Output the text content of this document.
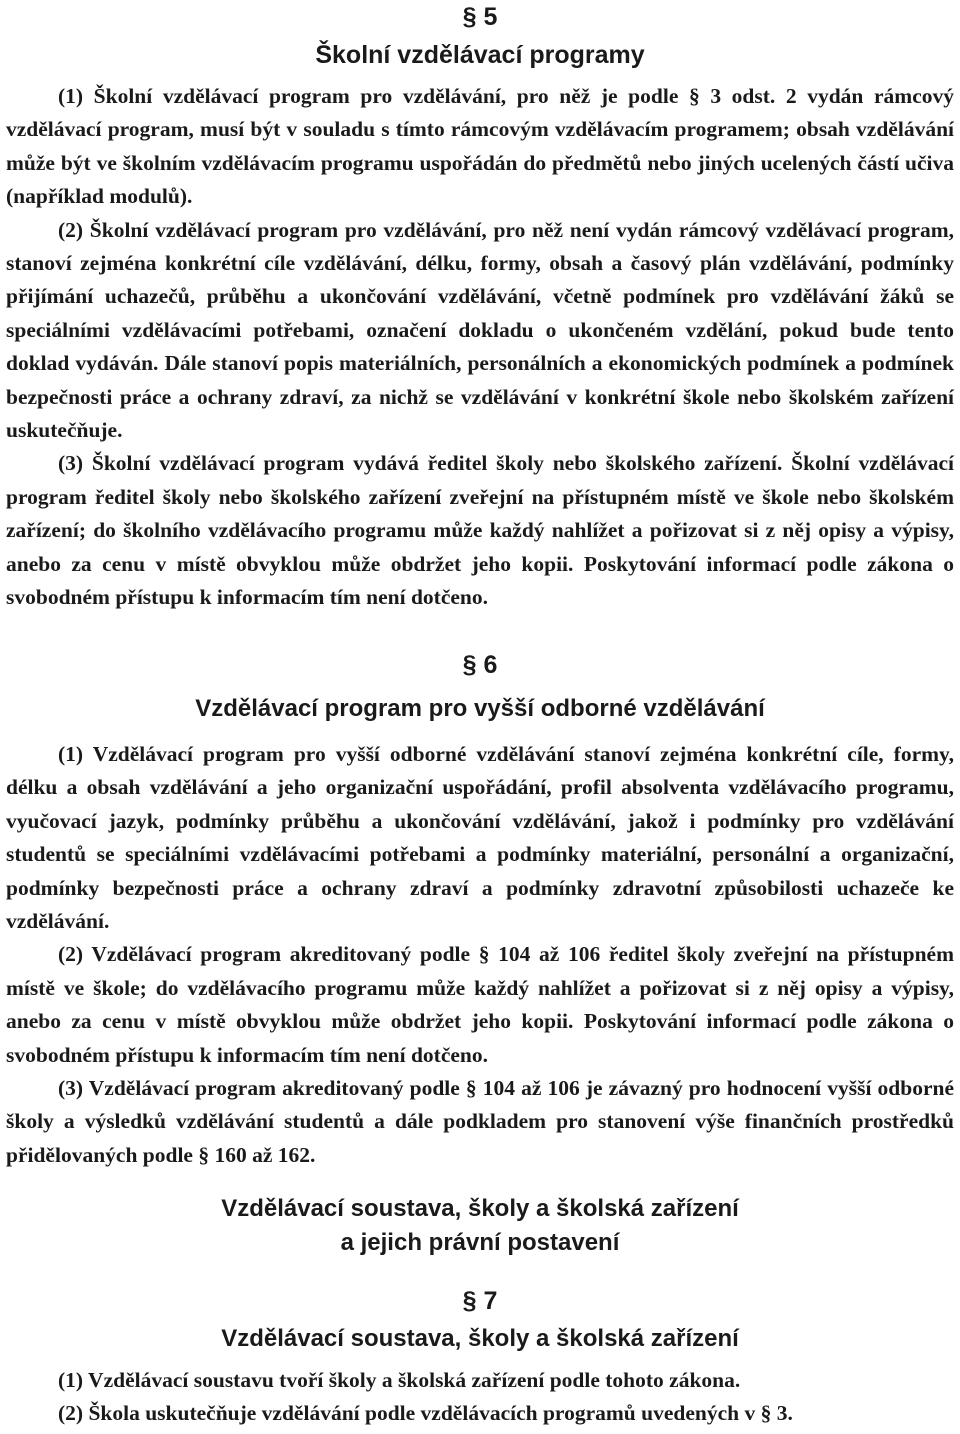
§ 5

Školní vzdělávací programy

(1) Školní vzdělávací program pro vzdělávání, pro něž je podle § 3 odst. 2 vydán rámcový vzdělávací program, musí být v souladu s tímto rámcovým vzdělávacím programem; obsah vzdělávání může být ve školním vzdělávacím programu uspořádán do předmětů nebo jiných ucelených částí učiva (například modulů).

(2) Školní vzdělávací program pro vzdělávání, pro něž není vydán rámcový vzdělávací program, stanoví zejména konkrétní cíle vzdělávání, délku, formy, obsah a časový plán vzdělávání, podmínky přijímání uchazečů, průběhu a ukončování vzdělávání, včetně podmínek pro vzdělávání žáků se speciálními vzdělávacími potřebami, označení dokladu o ukončeném vzdělání, pokud bude tento doklad vydáván. Dále stanoví popis materiálních, personálních a ekonomických podmínek a podmínek bezpečnosti práce a ochrany zdraví, za nichž se vzdělávání v konkrétní škole nebo školském zařízení uskutečňuje.

(3) Školní vzdělávací program vydává ředitel školy nebo školského zařízení. Školní vzdělávací program ředitel školy nebo školského zařízení zveřejní na přístupném místě ve škole nebo školském zařízení; do školního vzdělávacího programu může každý nahlížet a pořizovat si z něj opisy a výpisy, anebo za cenu v místě obvyklou může obdržet jeho kopii. Poskytování informací podle zákona o svobodném přístupu k informacím tím není dotčeno.

§ 6

Vzdělávací program pro vyšší odborné vzdělávání

(1) Vzdělávací program pro vyšší odborné vzdělávání stanoví zejména konkrétní cíle, formy, délku a obsah vzdělávání a jeho organizační uspořádání, profil absolventa vzdělávacího programu, vyučovací jazyk, podmínky průběhu a ukončování vzdělávání, jakož i podmínky pro vzdělávání studentů se speciálními vzdělávacími potřebami a podmínky materiální, personální a organizační, podmínky bezpečnosti práce a ochrany zdraví a podmínky zdravotní způsobilosti uchazeče ke vzdělávání.

(2) Vzdělávací program akreditovaný podle § 104 až 106 ředitel školy zveřejní na přístupném místě ve škole; do vzdělávacího programu může každý nahlížet a pořizovat si z něj opisy a výpisy, anebo za cenu v místě obvyklou může obdržet jeho kopii. Poskytování informací podle zákona o svobodném přístupu k informacím tím není dotčeno.

(3) Vzdělávací program akreditovaný podle § 104 až 106 je závazný pro hodnocení vyšší odborné školy a výsledků vzdělávání studentů a dále podkladem pro stanovení výše finančních prostředků přidělovaných podle § 160 až 162.

Vzdělávací soustava, školy a školská zařízení

a jejich právní postavení

§ 7

Vzdělávací soustava, školy a školská zařízení

(1) Vzdělávací soustavu tvoří školy a školská zařízení podle tohoto zákona.

(2) Škola uskutečňuje vzdělávání podle vzdělávacích programů uvedených v § 3.
